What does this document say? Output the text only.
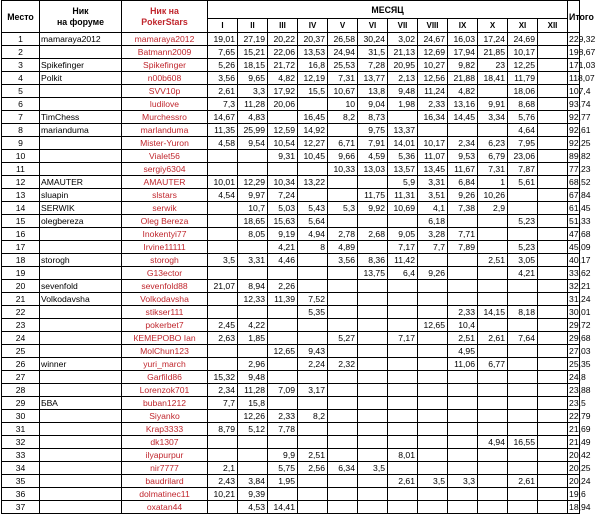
Место	Ник
на форуме	Ник на
PokerStars	МЕСЯЦ												Итого
			I	II	III	IV	V	VI	VII	VIII	IX	X	XI	XII	
1	mamaraya2012	mamaraya2012	19,01	27,19	20,22	20,37	26,58	30,24	3,02	24,67	16,03	17,24	24,69		229,32
2		Batmann2009	7,65	15,21	22,06	13,53	24,94	31,5	21,13	12,69	17,94	21,85	10,17		198,67
3	Spikefinger	Spikefinger	5,26	18,15	21,72	16,8	25,53	7,28	20,95	10,27	9,82	23	12,25		171,03
4	Polkit	n00b608	3,56	9,65	4,82	12,19	7,31	13,77	2,13	12,56	21,88	18,41	11,79		118,07
5		SVV10p	2,61	3,3	17,92	15,5	10,67	13,8	9,48	11,24	4,82		18,06		107,4
6		ludilove	7,3	11,28	20,06		10	9,04	1,98	2,33	13,16	9,91	8,68		93,74
7	TimChess	Murchessro	14,67	4,83		16,45	8,2	8,73		16,34	14,45	3,34	5,76		92,77
8	marianduma	marlanduma	11,35	25,99	12,59	14,92		9,75	13,37				4,64		92,61
9		Mister-Yuron	4,58	9,54	10,54	12,27	6,71	7,91	14,01	10,17	2,34	6,23	7,95		92,25
10		Vialet56			9,31	10,45	9,66	4,59	5,36	11,07	9,53	6,79	23,06		89,82
11		sergiy6304					10,33	13,03	13,57	13,45	11,67	7,31	7,87		77,23
12	AMAUTER	AMAUTER	10,01	12,29	10,34	13,22			5,9	3,31	6,84	1	5,61		68,52
13	sluapin	slstars	4,54	9,97	7,24			11,75	11,31	3,51	9,26	10,26			67,84
14	SERWIK	serwik		10,7	5,03	5,43	5,3	9,92	10,69	4,1	7,38	2,9			61,45
15	olegbereza	Oleg Bereza		18,65	15,63	5,64				6,18			5,23		51,33
16		Inokentyi77		8,05	9,19	4,94	2,78	2,68	9,05	3,28	7,71				47,68
17		Irvine11111			4,21	8	4,89		7,17	7,7	7,89		5,23		45,09
18	storogh	storogh	3,5	3,31	4,46		3,56	8,36	11,42			2,51	3,05		40,17
19		G13ector						13,75	6,4	9,26			4,21		33,62
20	sevenfold	sevenfold88	21,07	8,94	2,26										32,21
21	Volkodavsha	Volkodavsha		12,33	11,39	7,52									31,24
22		stikser111				5,35					2,33	14,15	8,18		30,01
23		pokerbet7	2,45	4,22						12,65	10,4				29,72
24		КЕМЕРОВО Ian	2,63	1,85			5,27		7,17		2,51	2,61	7,64		29,68
25		MolChun123			12,65	9,43					4,95				27,03
26	winner	yuri_march		2,96		2,24	2,32				11,06	6,77			25,35
27		Garfild86	15,32	9,48											24,8
28		Lorenzok701	2,34	11,28	7,09	3,17									23,88
29	БВА	buban1212	7,7	15,8											23,5
30		Siyanko		12,26	2,33	8,2									22,79
31		Krap3333	8,79	5,12	7,78										21,69
32		dk1307										4,94	16,55		21,49
33		ilyapurpur			9,9	2,51			8,01						20,42
34		nir7777	2,1		5,75	2,56	6,34	3,5							20,25
35		baudrilard	2,43	3,84	1,95				2,61	3,5	3,3		2,61		20,24
36		dolmatinec11	10,21	9,39											19,6
37		oxatan44		4,53	14,41										18,94
